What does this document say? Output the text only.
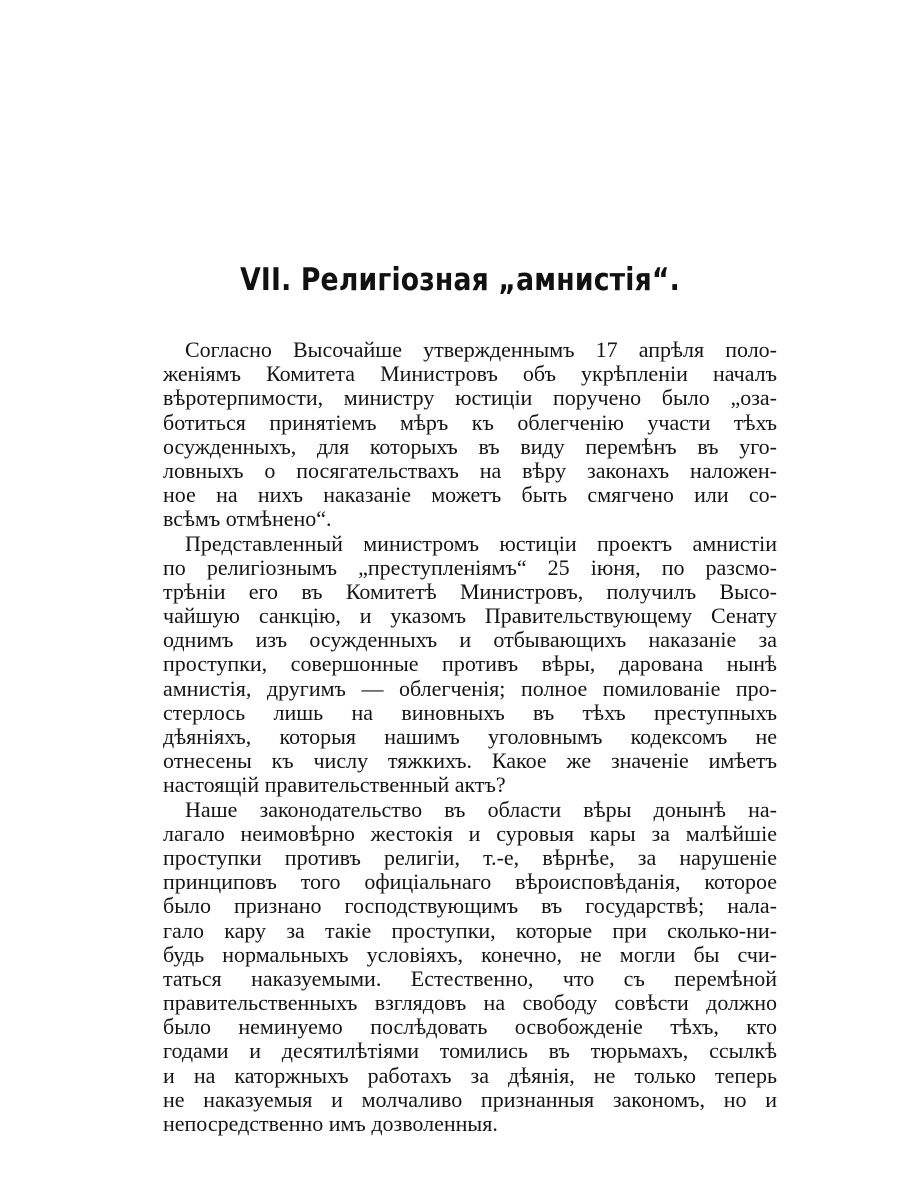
VII. Религіозная „амнистія“.

Согласно Высочайше утвержденнымъ 17 апрѣля поло-
женіямъ Комитета Министровъ объ укрѣпленіи началъ
вѣротерпимости, министру юстиціи поручено было „оза-
ботиться принятіемъ мѣръ къ облегченію участи тѣхъ
осужденныхъ, для которыхъ въ виду перемѣнъ въ уго-
ловныхъ о посягательствахъ на вѣру законахъ наложен-
ное на нихъ наказаніе можетъ быть смягчено или со-
всѣмъ отмѣнено“.

Представленный министромъ юстиціи проектъ амнистіи
по религіознымъ „преступленіямъ“ 25 іюня, по разсмо-
трѣніи его въ Комитетѣ Министровъ, получилъ Высо-
чайшую санкцію, и указомъ Правительствующему Сенату
однимъ изъ осужденныхъ и отбывающихъ наказаніе за
проступки, совершонные противъ вѣры, дарована нынѣ
амнистія, другимъ — облегченія; полное помилованіе про-
стерлось лишь на виновныхъ въ тѣхъ преступныхъ
дѣяніяхъ, которыя нашимъ уголовнымъ кодексомъ не
отнесены къ числу тяжкихъ. Какое же значеніе имѣетъ
настоящій правительственный актъ?

Наше законодательство въ области вѣры донынѣ на-
лагало неимовѣрно жестокія и суровыя кары за малѣйшіе
проступки противъ религіи, т.-е, вѣрнѣе, за нарушеніе
принциповъ того офиціальнаго вѣроисповѣданія, которое
было признано господствующимъ въ государствѣ; нала-
гало кару за такіе проступки, которые при сколько-ни-
будь нормальныхъ условіяхъ, конечно, не могли бы счи-
таться наказуемыми. Естественно, что съ перемѣной
правительственныхъ взглядовъ на свободу совѣсти должно
было неминуемо послѣдовать освобожденіе тѣхъ, кто
годами и десятилѣтіями томились въ тюрьмахъ, ссылкѣ
и на каторжныхъ работахъ за дѣянія, не только теперь
не наказуемыя и молчаливо признанныя закономъ, но и
непосредственно имъ дозволенныя.
